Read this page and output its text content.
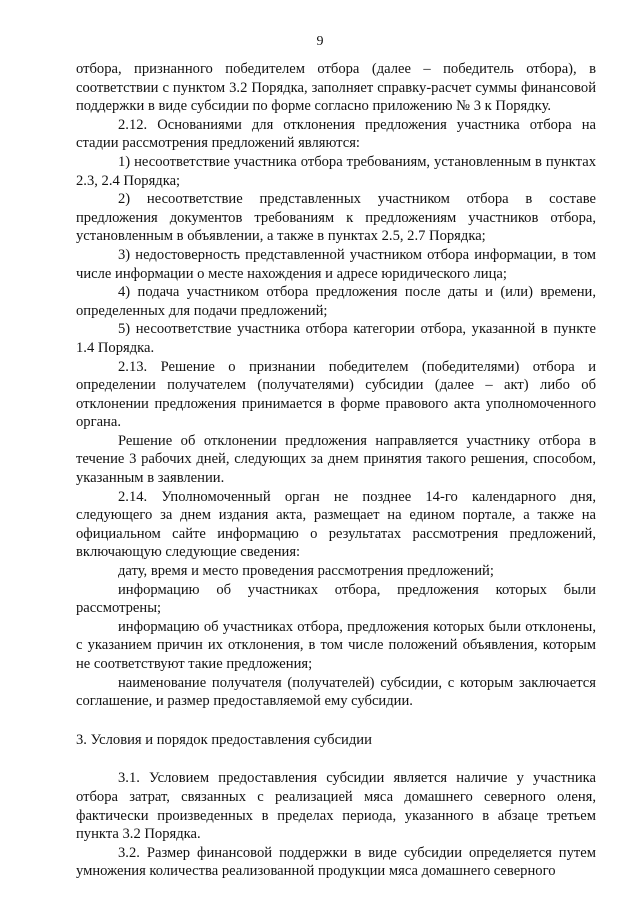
9

отбора, признанного победителем отбора (далее – победитель отбора), в соответствии с пунктом 3.2 Порядка, заполняет справку-расчет суммы финансовой поддержки в виде субсидии по форме согласно приложению № 3 к Порядку.

2.12. Основаниями для отклонения предложения участника отбора на стадии рассмотрения предложений являются:

1) несоответствие участника отбора требованиям, установленным в пунктах 2.3, 2.4 Порядка;

2) несоответствие представленных участником отбора в составе предложения документов требованиям к предложениям участников отбора, установленным в объявлении, а также в пунктах 2.5, 2.7 Порядка;

3) недостоверность представленной участником отбора информации, в том числе информации о месте нахождения и адресе юридического лица;

4) подача участником отбора предложения после даты и (или) времени, определенных для подачи предложений;

5) несоответствие участника отбора категории отбора, указанной в пункте 1.4 Порядка.

2.13. Решение о признании победителем (победителями) отбора и определении получателем (получателями) субсидии (далее – акт) либо об отклонении предложения принимается в форме правового акта уполномоченного органа.

Решение об отклонении предложения направляется участнику отбора в течение 3 рабочих дней, следующих за днем принятия такого решения, способом, указанным в заявлении.

2.14. Уполномоченный орган не позднее 14-го календарного дня, следующего за днем издания акта, размещает на едином портале, а также на официальном сайте информацию о результатах рассмотрения предложений, включающую следующие сведения:

дату, время и место проведения рассмотрения предложений;

информацию об участниках отбора, предложения которых были рассмотрены;

информацию об участниках отбора, предложения которых были отклонены, с указанием причин их отклонения, в том числе положений объявления, которым не соответствуют такие предложения;

наименование получателя (получателей) субсидии, с которым заключается соглашение, и размер предоставляемой ему субсидии.

3. Условия и порядок предоставления субсидии

3.1. Условием предоставления субсидии является наличие у участника отбора затрат, связанных с реализацией мяса домашнего северного оленя, фактически произведенных в пределах периода, указанного в абзаце третьем пункта 3.2 Порядка.

3.2. Размер финансовой поддержки в виде субсидии определяется путем умножения количества реализованной продукции мяса домашнего северного
